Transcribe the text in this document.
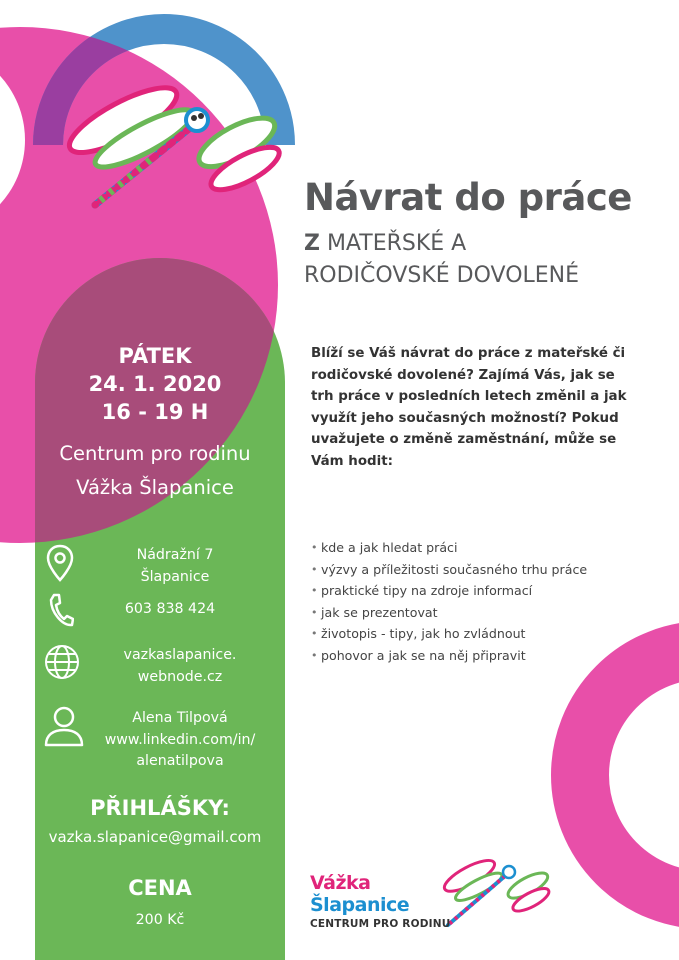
Návrat do práce
Z MATEŘSKÉ A
RODIČOVSKÉ DOVOLENÉ
Blíží se Váš návrat do práce z mateřské či rodičovské dovolené? Zajímá Vás, jak se trh práce v posledních letech změnil a jak využít jeho současných možností? Pokud uvažujete o změně zaměstnání, může se Vám hodit:
• kde a jak hledat práci
• výzvy a příležitosti současného trhu práce
• praktické tipy na zdroje informací
• jak se prezentovat
• životopis - tipy, jak ho zvládnout
• pohovor a jak se na něj připravit
PÁTEK
24. 1. 2020
16 - 19 H
Centrum pro rodinu
Vážka Šlapanice
Nádražní 7
Šlapanice
603 838 424
vazkaslapanice.
webnode.cz
Alena Tilpová
www.linkedin.com/in/
alenatilpova
PŘIHLÁŠKY:
vazka.slapanice@gmail.com
CENA
200 Kč
Vážka Šlapanice
CENTRUM PRO RODINU
